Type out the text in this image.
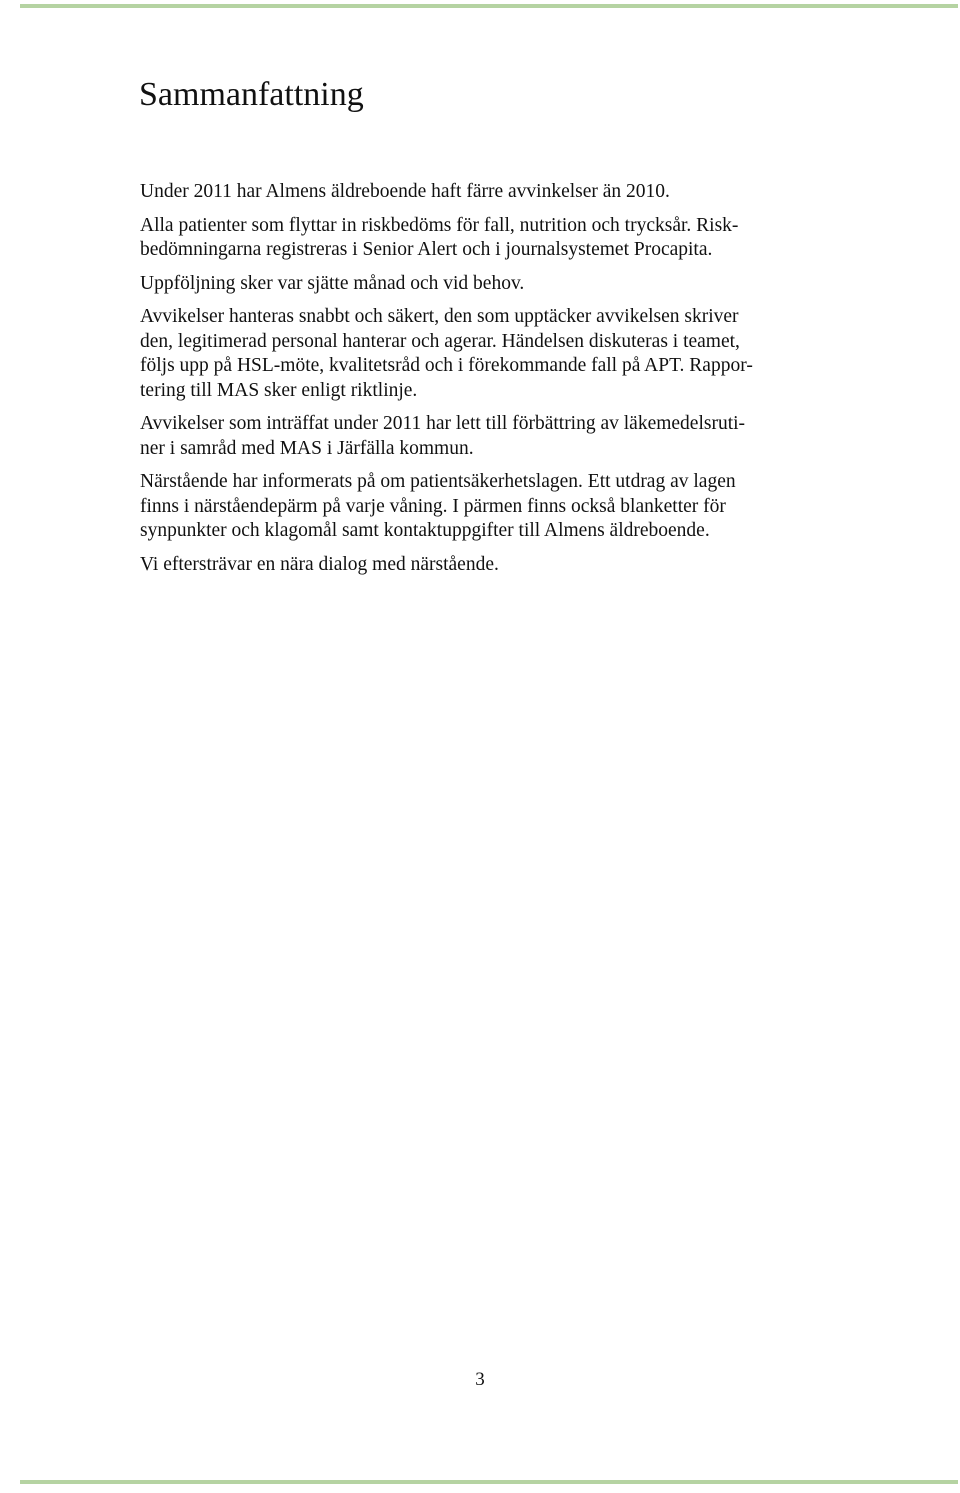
Sammanfattning

Under 2011 har Almens äldreboende haft färre avvinkelser än 2010.

Alla patienter som flyttar in riskbedöms för fall, nutrition och trycksår. Risk-
bedömningarna registreras i Senior Alert och i journalsystemet Procapita.

Uppföljning sker var sjätte månad och vid behov.

Avvikelser hanteras snabbt och säkert, den som upptäcker avvikelsen skriver
den, legitimerad personal hanterar och agerar. Händelsen diskuteras i teamet,
följs upp på HSL-möte, kvalitetsråd och i förekommande fall på APT. Rappor-
tering till MAS sker enligt riktlinje.

Avvikelser som inträffat under 2011 har lett till förbättring av läkemedelsruti-
ner i samråd med MAS i Järfälla kommun.

Närstående har informerats på om patientsäkerhetslagen. Ett utdrag av lagen
finns i närståendepärm på varje våning. I pärmen finns också blanketter för
synpunkter och klagomål samt kontaktuppgifter till Almens äldreboende.

Vi eftersträvar en nära dialog med närstående.

3
